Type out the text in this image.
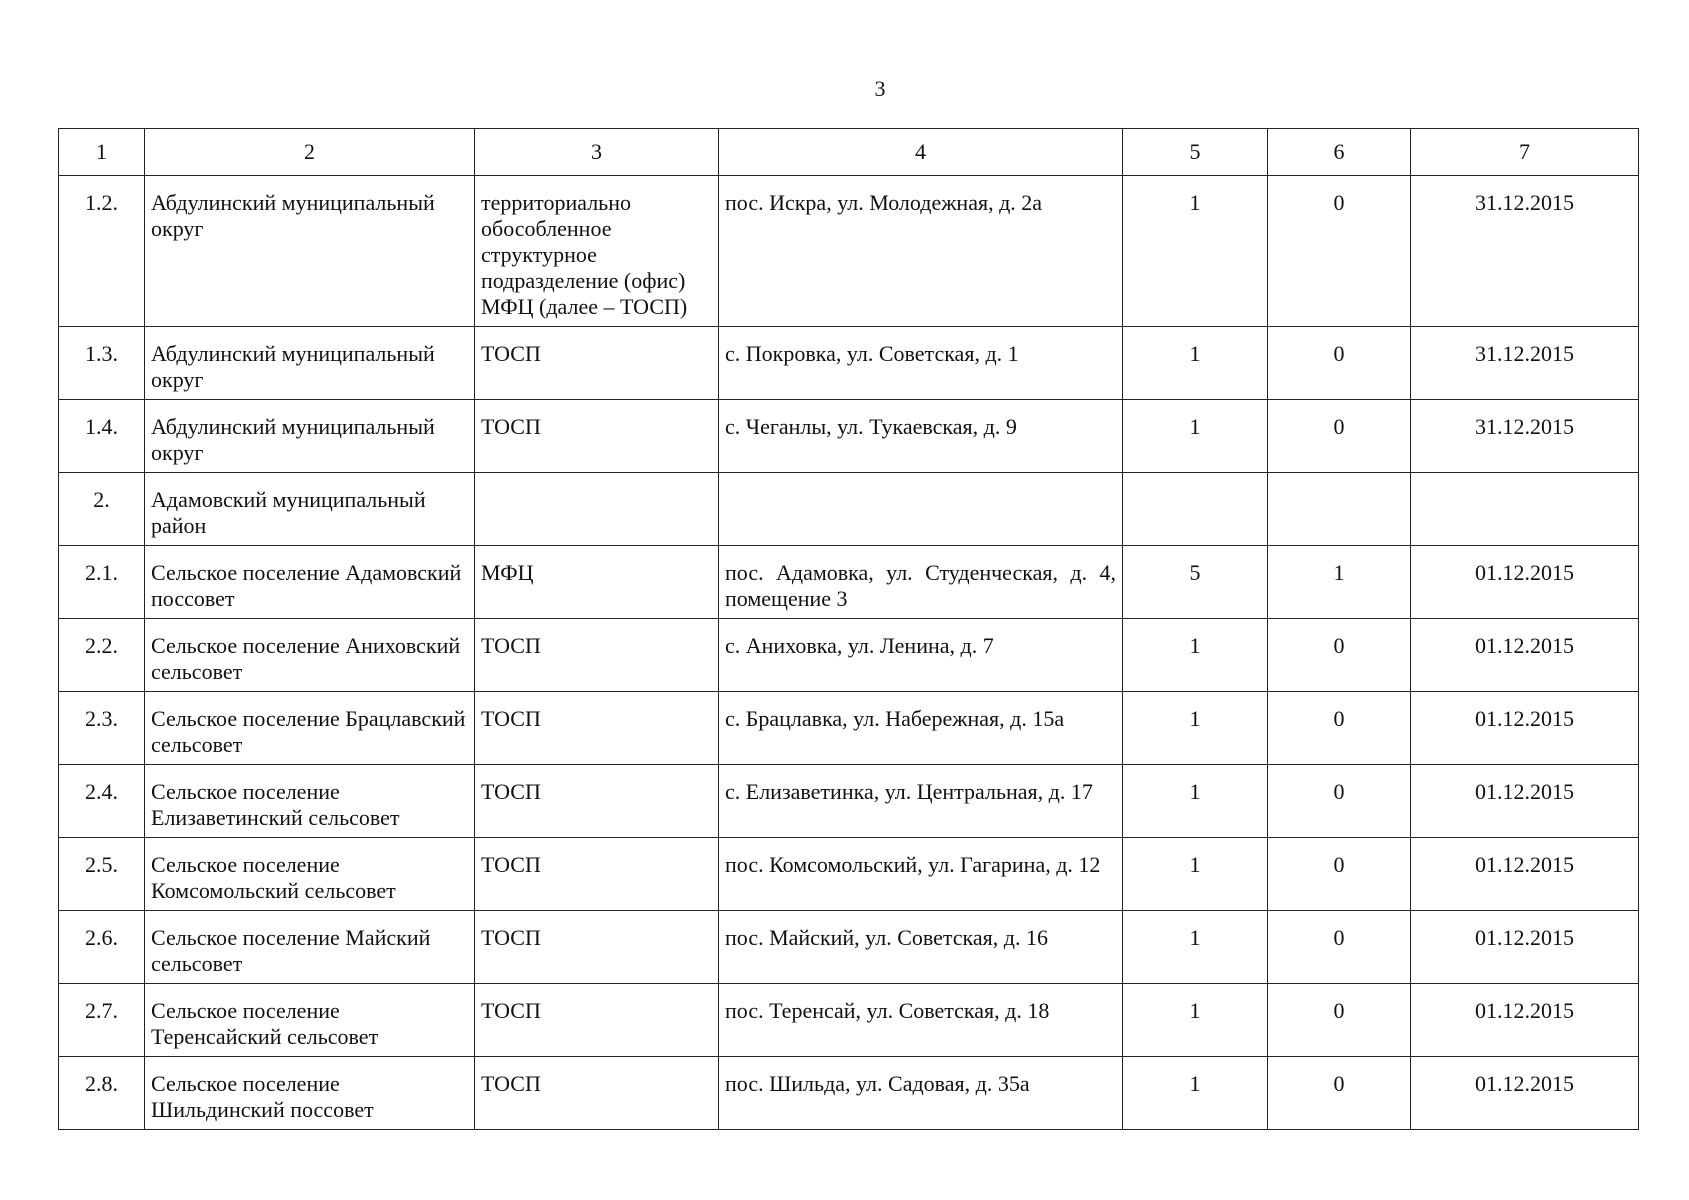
3
1	2	3	4	5	6	7
1.2.	Абдулинский муниципальный округ	территориально обособленное структурное подразделение (офис) МФЦ (далее – ТОСП)	пос. Искра, ул. Молодежная, д. 2а	1	0	31.12.2015
1.3.	Абдулинский муниципальный округ	ТОСП	с. Покровка, ул. Советская, д. 1	1	0	31.12.2015
1.4.	Абдулинский муниципальный округ	ТОСП	с. Чеганлы, ул. Тукаевская, д. 9	1	0	31.12.2015
2.	Адамовский муниципальный район					
2.1.	Сельское поселение Адамовский поссовет	МФЦ	пос. Адамовка, ул. Студенческая, д. 4, помещение 3	5	1	01.12.2015
2.2.	Сельское поселение Аниховский сельсовет	ТОСП	с. Аниховка, ул. Ленина, д. 7	1	0	01.12.2015
2.3.	Сельское поселение Брацлавский сельсовет	ТОСП	с. Брацлавка, ул. Набережная, д. 15а	1	0	01.12.2015
2.4.	Сельское поселение Елизаветинский сельсовет	ТОСП	с. Елизаветинка, ул. Центральная, д. 17	1	0	01.12.2015
2.5.	Сельское поселение Комсомольский сельсовет	ТОСП	пос. Комсомольский, ул. Гагарина, д. 12	1	0	01.12.2015
2.6.	Сельское поселение Майский сельсовет	ТОСП	пос. Майский, ул. Советская, д. 16	1	0	01.12.2015
2.7.	Сельское поселение Теренсайский сельсовет	ТОСП	пос. Теренсай, ул. Советская, д. 18	1	0	01.12.2015
2.8.	Сельское поселение Шильдинский поссовет	ТОСП	пос. Шильда, ул. Садовая, д. 35а	1	0	01.12.2015
